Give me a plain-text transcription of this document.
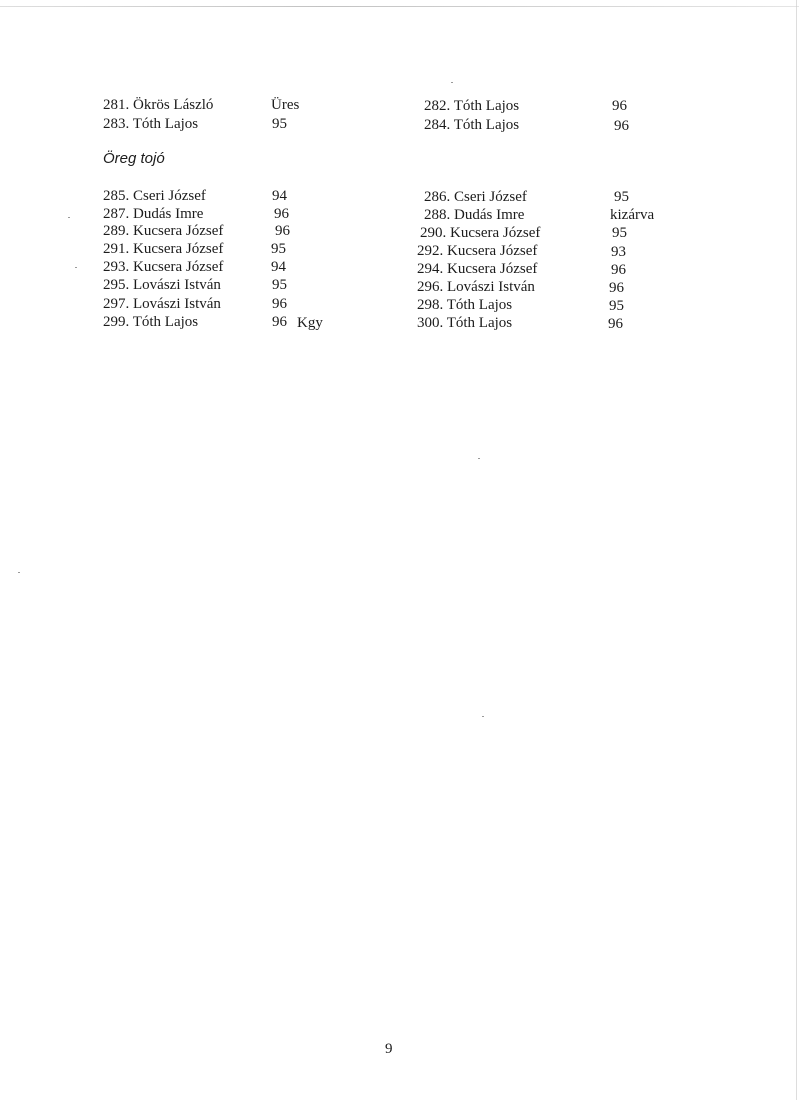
281. Ökrös László	Üres
283. Tóth Lajos	95
282. Tóth Lajos	96
284. Tóth Lajos	96
Öreg tojó
285. Cseri József	94
287. Dudás Imre	96
289. Kucsera József	96
291. Kucsera József	95
293. Kucsera József	94
295. Lovászi István	95
297. Lovászi István	96
299. Tóth Lajos	96 Kgy
286. Cseri József	95
288. Dudás Imre	kizárva
290. Kucsera József	95
292. Kucsera József	93
294. Kucsera József	96
296. Lovászi István	96
298. Tóth Lajos	95
300. Tóth Lajos	96
9
